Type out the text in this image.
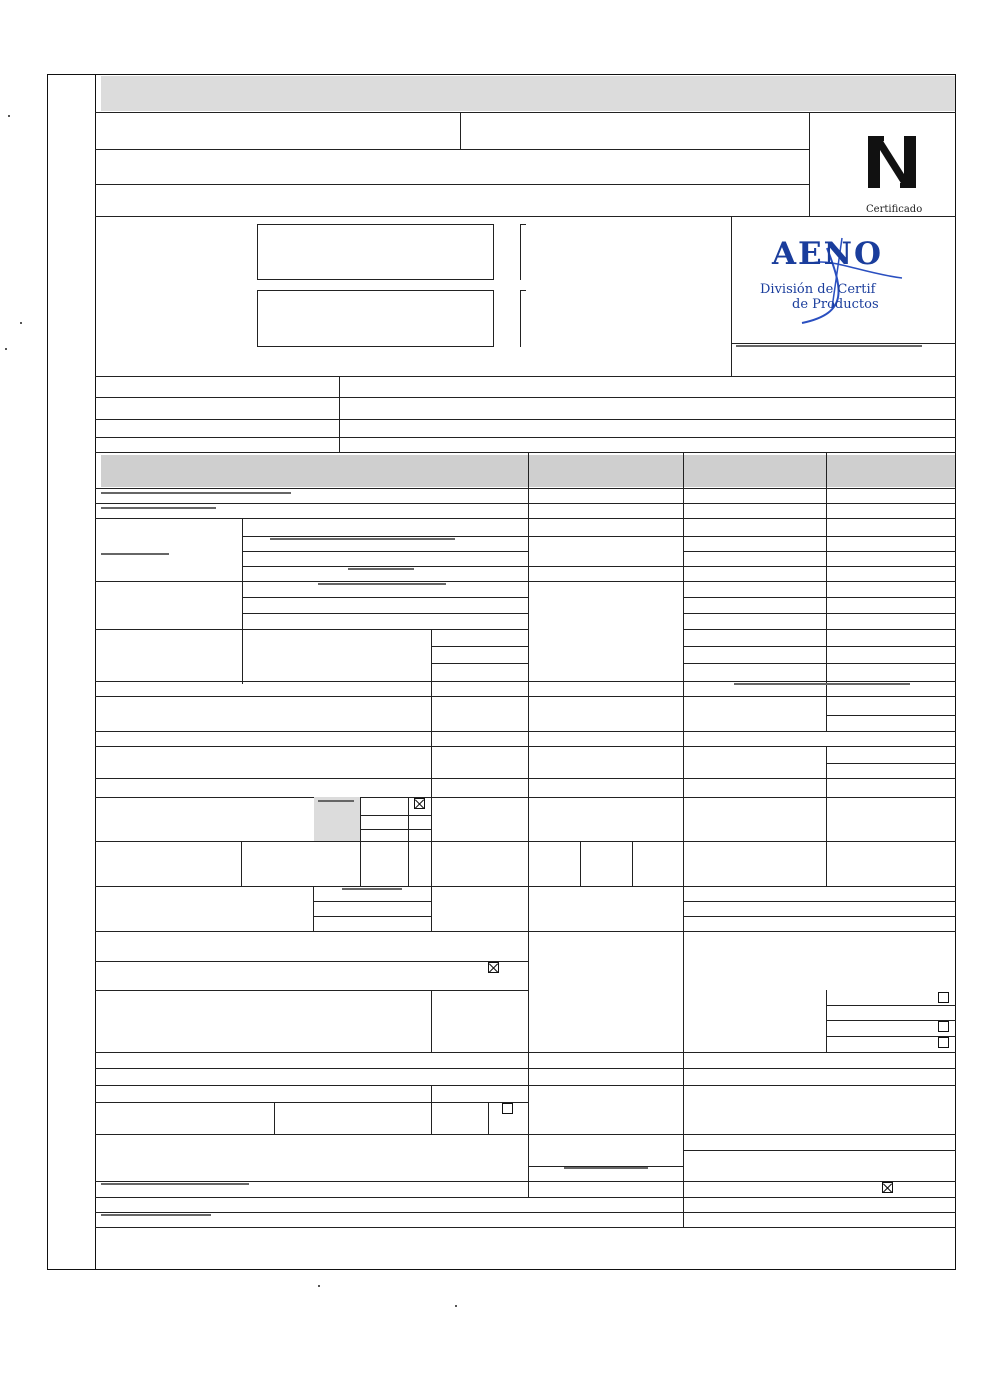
Certificado
AENO
División de Certif
de Productos
